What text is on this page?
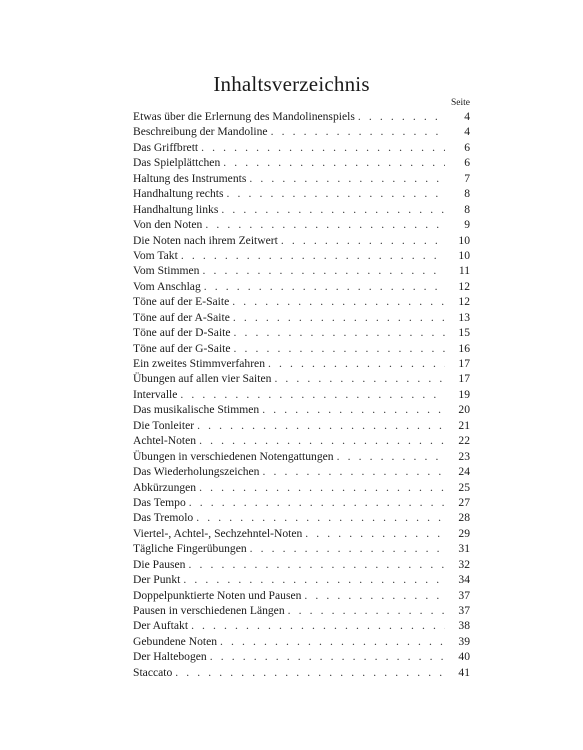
Inhaltsverzeichnis
Seite
Etwas über die Erlernung des Mandolinenspiels . . .	4
Beschreibung der Mandoline . . .	4
Das Griffbrett . . .	6
Das Spielplättchen . . .	6
Haltung des Instruments . . .	7
Handhaltung rechts . . .	8
Handhaltung links . . .	8
Von den Noten . . .	9
Die Noten nach ihrem Zeitwert . . .	10
Vom Takt . . .	10
Vom Stimmen . . .	11
Vom Anschlag . . .	12
Töne auf der E-Saite . . .	12
Töne auf der A-Saite . . .	13
Töne auf der D-Saite . . .	15
Töne auf der G-Saite . . .	16
Ein zweites Stimmverfahren . . .	17
Übungen auf allen vier Saiten . . .	17
Intervalle . . .	19
Das musikalische Stimmen . . .	20
Die Tonleiter . . .	21
Achtel-Noten . . .	22
Übungen in verschiedenen Notengattungen . . .	23
Das Wiederholungszeichen . . .	24
Abkürzungen . . .	25
Das Tempo . . .	27
Das Tremolo . . .	28
Viertel-, Achtel-, Sechzehntel-Noten . . .	29
Tägliche Fingerübungen . . .	31
Die Pausen . . .	32
Der Punkt . . .	34
Doppelpunktierte Noten und Pausen . . .	37
Pausen in verschiedenen Längen . . .	37
Der Auftakt . . .	38
Gebundene Noten . . .	39
Der Haltebogen . . .	40
Staccato . . .	41
